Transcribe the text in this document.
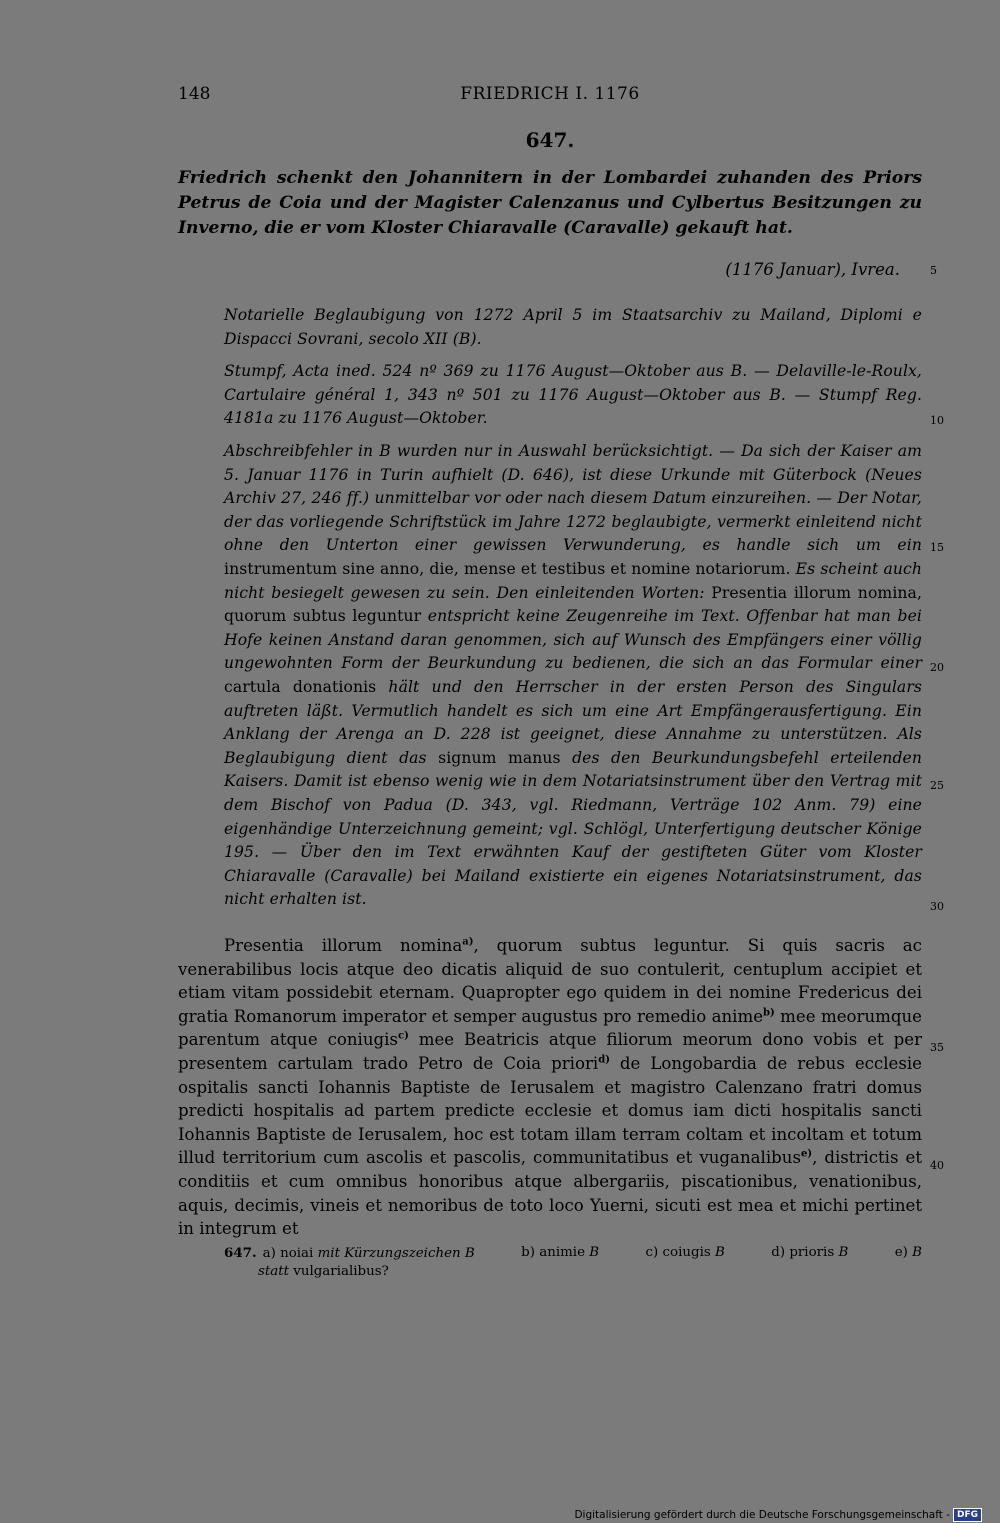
148	FRIEDRICH I. 1176
647.
Friedrich schenkt den Johannitern in der Lombardei zuhanden des Priors Petrus de Coia und der Magister Calenzanus und Cylbertus Besitzungen zu Inverno, die er vom Kloster Chiaravalle (Caravalle) gekauft hat.
(1176 Januar), Ivrea.	5
10
15
20
25
30
35
40
Notarielle Beglaubigung von 1272 April 5 im Staatsarchiv zu Mailand, Diplomi e Dispacci Sovrani, secolo XII (B).
Stumpf, Acta ined. 524 nº 369 zu 1176 August—Oktober aus B. — Delaville-le-Roulx, Cartulaire général 1, 343 nº 501 zu 1176 August—Oktober aus B. — Stumpf Reg. 4181a zu 1176 August—Oktober.
Abschreibfehler in B wurden nur in Auswahl berücksichtigt. — Da sich der Kaiser am 5. Januar 1176 in Turin aufhielt (D. 646), ist diese Urkunde mit Güterbock (Neues Archiv 27, 246 ff.) unmittelbar vor oder nach diesem Datum einzureihen. — Der Notar, der das vorliegende Schriftstück im Jahre 1272 beglaubigte, vermerkt einleitend nicht ohne den Unterton einer gewissen Verwunderung, es handle sich um ein instrumentum sine anno, die, mense et testibus et nomine notariorum. Es scheint auch nicht besiegelt gewesen zu sein. Den einleitenden Worten: Presentia illorum nomina, quorum subtus leguntur entspricht keine Zeugenreihe im Text. Offenbar hat man bei Hofe keinen Anstand daran genommen, sich auf Wunsch des Empfängers einer völlig ungewohnten Form der Beurkundung zu bedienen, die sich an das Formular einer cartula donationis hält und den Herrscher in der ersten Person des Singulars auftreten läßt. Vermutlich handelt es sich um eine Art Empfängerausfertigung. Ein Anklang der Arenga an D. 228 ist geeignet, diese Annahme zu unterstützen. Als Beglaubigung dient das signum manus des den Beurkundungsbefehl erteilenden Kaisers. Damit ist ebenso wenig wie in dem Notariatsinstrument über den Vertrag mit dem Bischof von Padua (D. 343, vgl. Riedmann, Verträge 102 Anm. 79) eine eigenhändige Unterzeichnung gemeint; vgl. Schlögl, Unterfertigung deutscher Könige 195. — Über den im Text erwähnten Kauf der gestifteten Güter vom Kloster Chiaravalle (Caravalle) bei Mailand existierte ein eigenes Notariatsinstrument, das nicht erhalten ist.

Presentia illorum nomina$^{a)}$, quorum subtus leguntur. Si quis sacris ac venerabilibus locis atque deo dicatis aliquid de suo contulerit, centuplum accipiet et etiam vitam possidebit eternam. Quapropter ego quidem in dei nomine Fredericus dei gratia Romanorum imperator et semper augustus pro remedio anime$^{b)}$ mee meorumque parentum atque coniugis$^{c)}$ mee Beatricis atque filiorum meorum dono vobis et per presentem cartulam trado Petro de Coia priori$^{d)}$ de Longobardia de rebus ecclesie ospitalis sancti Iohannis Baptiste de Ierusalem et magistro Calenzano fratri domus predicti hospitalis ad partem predicte ecclesie et domus iam dicti hospitalis sancti Iohannis Baptiste de Ierusalem, hoc est totam illam terram coltam et incoltam et totum illud territorium cum ascolis et pascolis, communitatibus et vuganalibus$^{e)}$, districtis et conditiis et cum omnibus honoribus atque albergariis, piscationibus, venationibus, aquis, decimis, vineis et nemoribus de toto loco Yuerni, sicuti est mea et michi pertinet in integrum et

647. a) noiai mit Kürzungszeichen B	b) animie B	c) coiugis B	d) prioris B	e) B
statt vulgarialibus?
Digitalisierung gefördert durch die Deutsche Forschungsgemeinschaft - DFG
